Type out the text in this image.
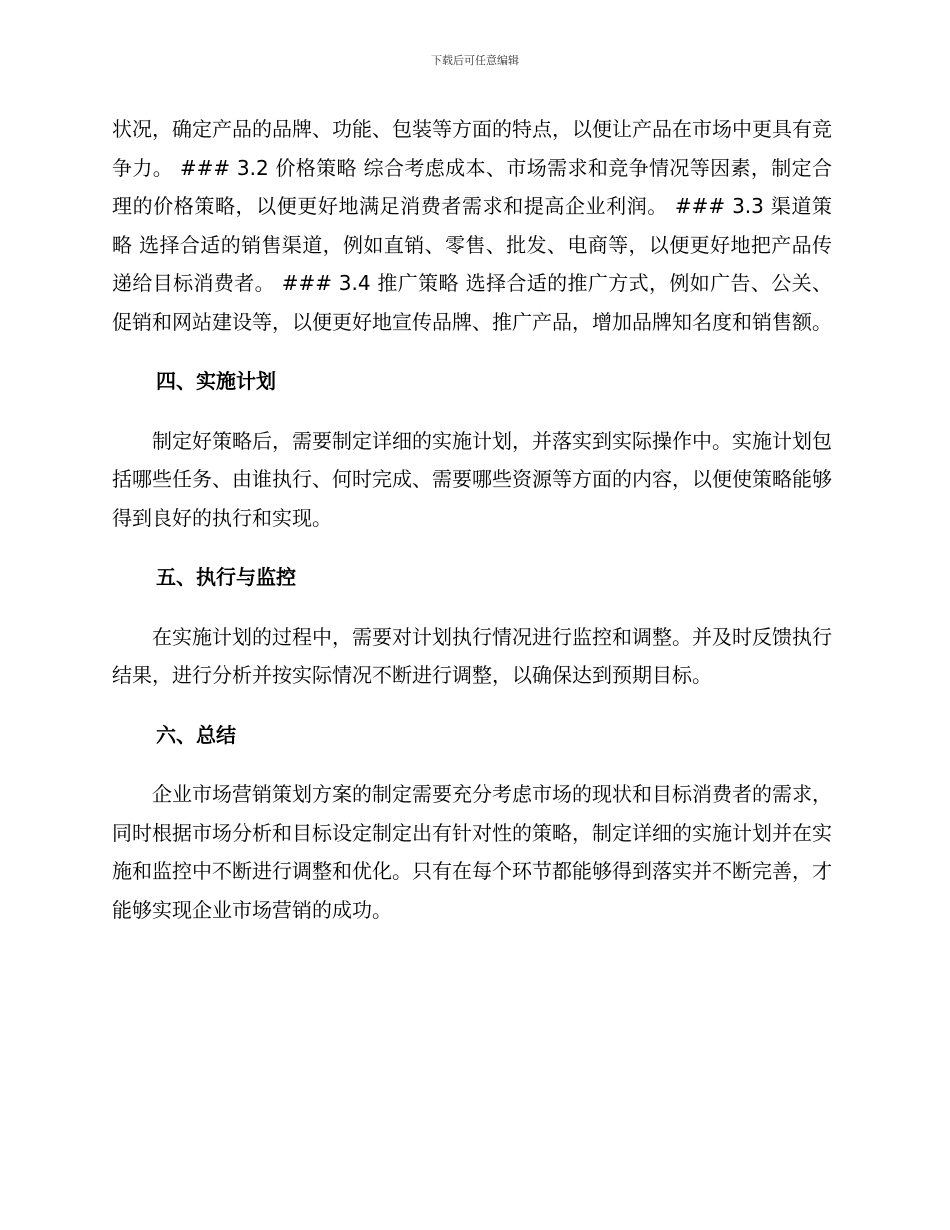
下载后可任意编辑

状况，确定产品的品牌、功能、包装等方面的特点，以便让产品在市场中更具有竞争力。 ### 3.2 价格策略 综合考虑成本、市场需求和竞争情况等因素，制定合理的价格策略，以便更好地满足消费者需求和提高企业利润。 ### 3.3 渠道策略 选择合适的销售渠道，例如直销、零售、批发、电商等，以便更好地把产品传递给目标消费者。 ### 3.4 推广策略 选择合适的推广方式，例如广告、公关、促销和网站建设等，以便更好地宣传品牌、推广产品，增加品牌知名度和销售额。

四、实施计划

制定好策略后，需要制定详细的实施计划，并落实到实际操作中。实施计划包括哪些任务、由谁执行、何时完成、需要哪些资源等方面的内容，以便使策略能够得到良好的执行和实现。

五、执行与监控

在实施计划的过程中，需要对计划执行情况进行监控和调整。并及时反馈执行结果，进行分析并按实际情况不断进行调整，以确保达到预期目标。

六、总结

企业市场营销策划方案的制定需要充分考虑市场的现状和目标消费者的需求，同时根据市场分析和目标设定制定出有针对性的策略，制定详细的实施计划并在实施和监控中不断进行调整和优化。只有在每个环节都能够得到落实并不断完善，才能够实现企业市场营销的成功。
